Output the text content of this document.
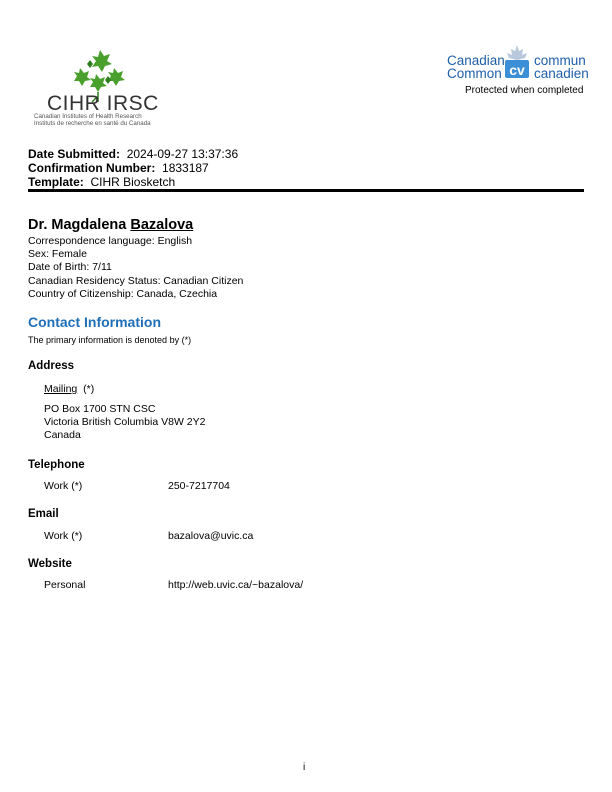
CIHR IRSC
Canadian Institutes of Health Research
Instituts de recherche en santé du Canada
Canadian
Common cv
commun
canadien
Protected when completed
Date Submitted: 2024-09-27 13:37:36
Confirmation Number: 1833187
Template: CIHR Biosketch
Dr. Magdalena Bazalova
Correspondence language: English
Sex: Female
Date of Birth: 7/11
Canadian Residency Status: Canadian Citizen
Country of Citizenship: Canada, Czechia
Contact Information
The primary information is denoted by (*)
Address
Mailing (*)
PO Box 1700 STN CSC
Victoria British Columbia V8W 2Y2
Canada
Telephone
Work (*)	250-7217704
Email
Work (*)	bazalova@uvic.ca
Website
Personal	http://web.uvic.ca/~bazalova/
i
